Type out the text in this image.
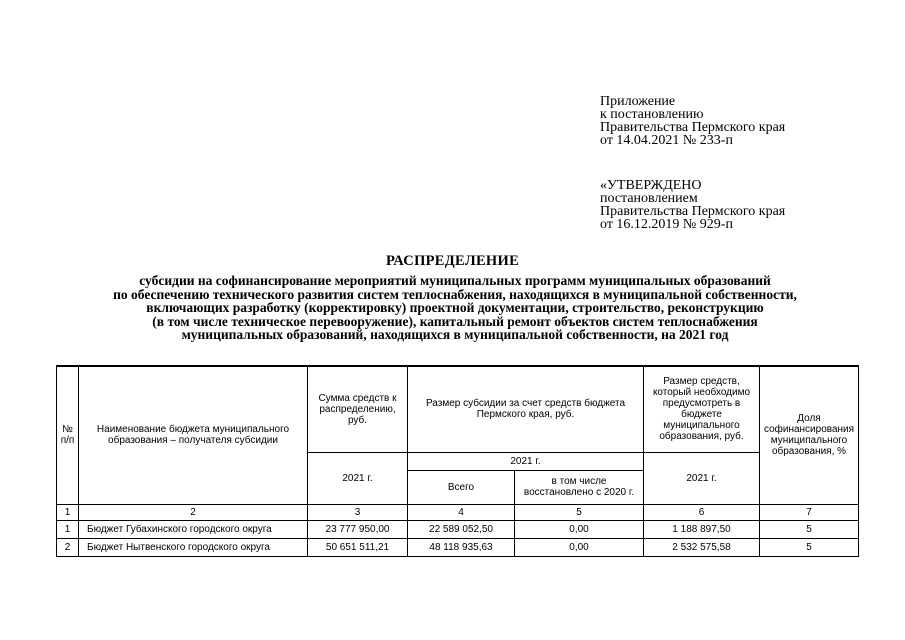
Приложение
к постановлению
Правительства Пермского края
от 14.04.2021 № 233-п
«УТВЕРЖДЕНО
постановлением
Правительства Пермского края
от 16.12.2019 № 929-п
РАСПРЕДЕЛЕНИЕ
субсидии на софинансирование мероприятий муниципальных программ муниципальных образований
по обеспечению технического развития систем теплоснабжения, находящихся в муниципальной собственности,
включающих разработку (корректировку) проектной документации, строительство, реконструкцию
(в том числе техническое перевооружение), капитальный ремонт объектов систем теплоснабжения
муниципальных образований, находящихся в муниципальной собственности, на 2021 год
№ п/п	Наименование бюджета муниципального образования – получателя субсидии	Сумма средств к распределению, руб.	Размер субсидии за счет средств бюджета Пермского края, руб.		Размер средств, который необходимо предусмотреть в бюджете муниципального образования, руб.	Доля софинансирования муниципального образования, %
		2021 г.	2021 г.		2021 г.	
			Всего	в том числе восстановлено с 2020 г.		
1	2	3	4	5	6	7
1	Бюджет Губахинского городского округа	23 777 950,00	22 589 052,50	0,00	1 188 897,50	5
2	Бюджет Нытвенского городского округа	50 651 511,21	48 118 935,63	0,00	2 532 575,58	5
